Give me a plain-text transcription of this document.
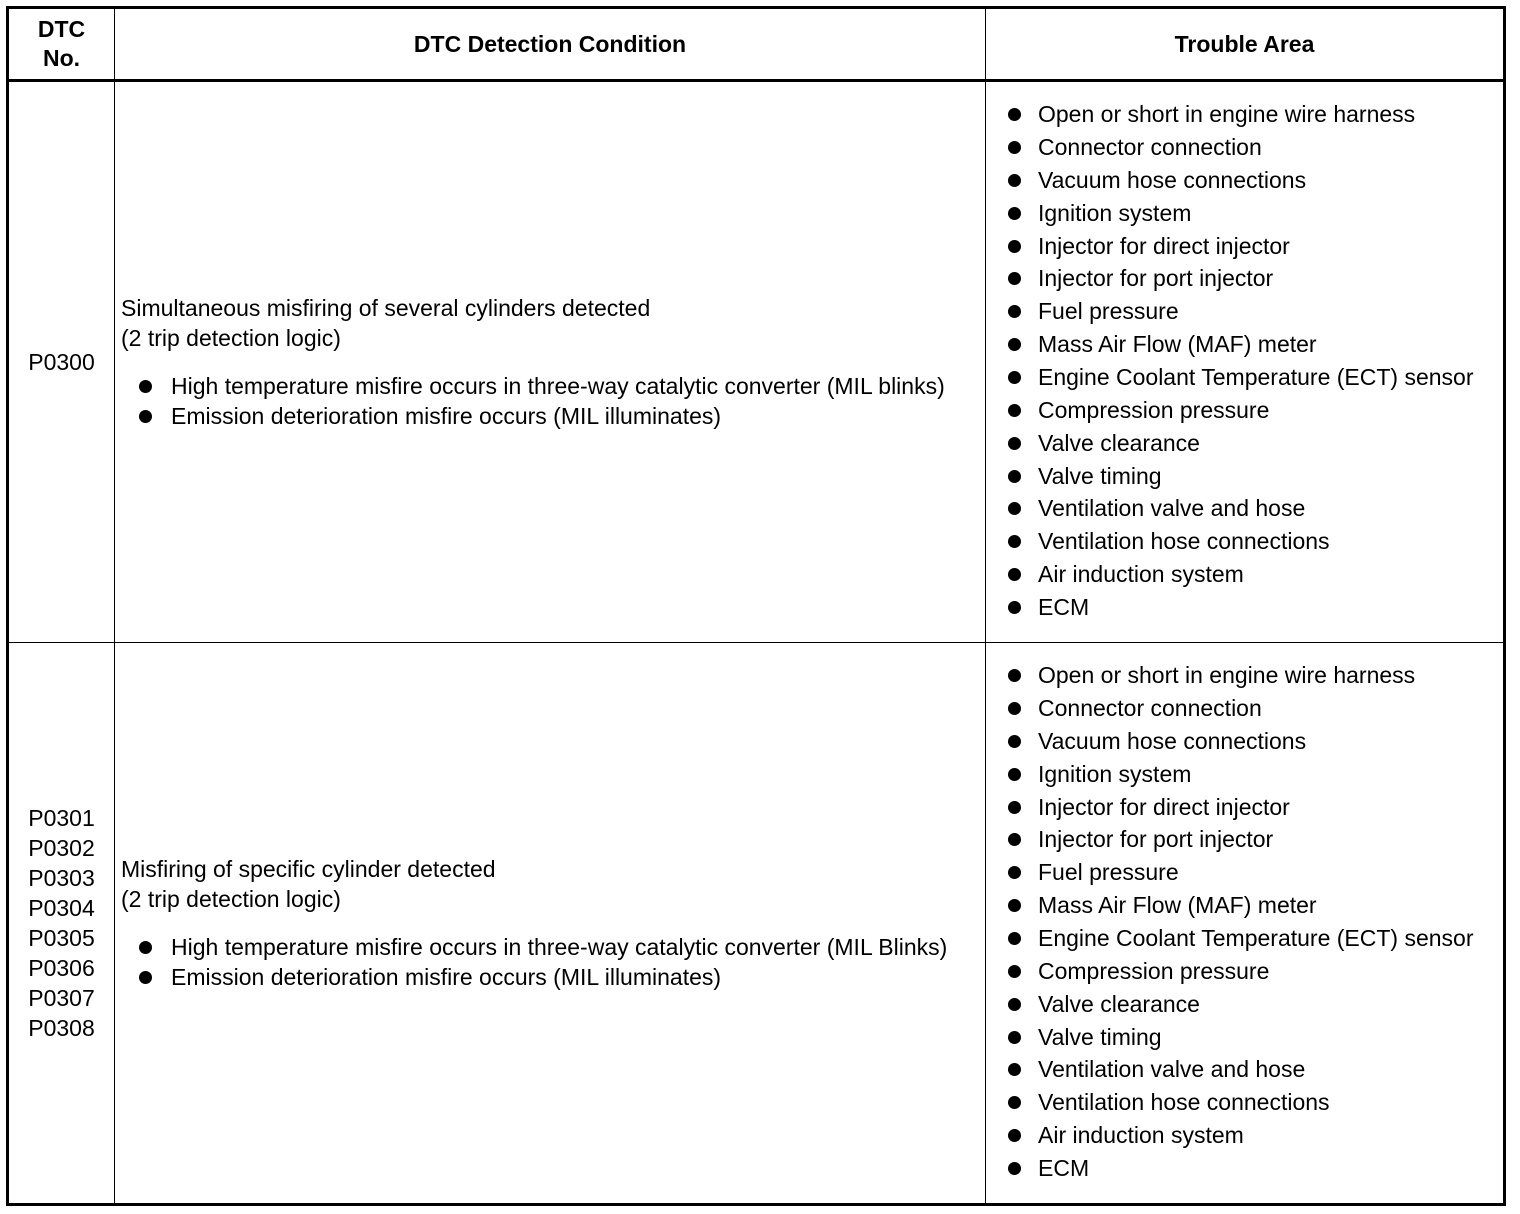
DTC
No.
DTC Detection Condition	Trouble Area
P0300
Simultaneous misfiring of several cylinders detected
(2 trip detection logic)
High temperature misfire occurs in three-way catalytic converter (MIL blinks)
Emission deterioration misfire occurs (MIL illuminates)
Open or short in engine wire harness
Connector connection
Vacuum hose connections
Ignition system
Injector for direct injector
Injector for port injector
Fuel pressure
Mass Air Flow (MAF) meter
Engine Coolant Temperature (ECT) sensor
Compression pressure
Valve clearance
Valve timing
Ventilation valve and hose
Ventilation hose connections
Air induction system
ECM
P0301
P0302
P0303
P0304
P0305
P0306
P0307
P0308
Misfiring of specific cylinder detected
(2 trip detection logic)
High temperature misfire occurs in three-way catalytic converter (MIL Blinks)
Emission deterioration misfire occurs (MIL illuminates)
Open or short in engine wire harness
Connector connection
Vacuum hose connections
Ignition system
Injector for direct injector
Injector for port injector
Fuel pressure
Mass Air Flow (MAF) meter
Engine Coolant Temperature (ECT) sensor
Compression pressure
Valve clearance
Valve timing
Ventilation valve and hose
Ventilation hose connections
Air induction system
ECM
